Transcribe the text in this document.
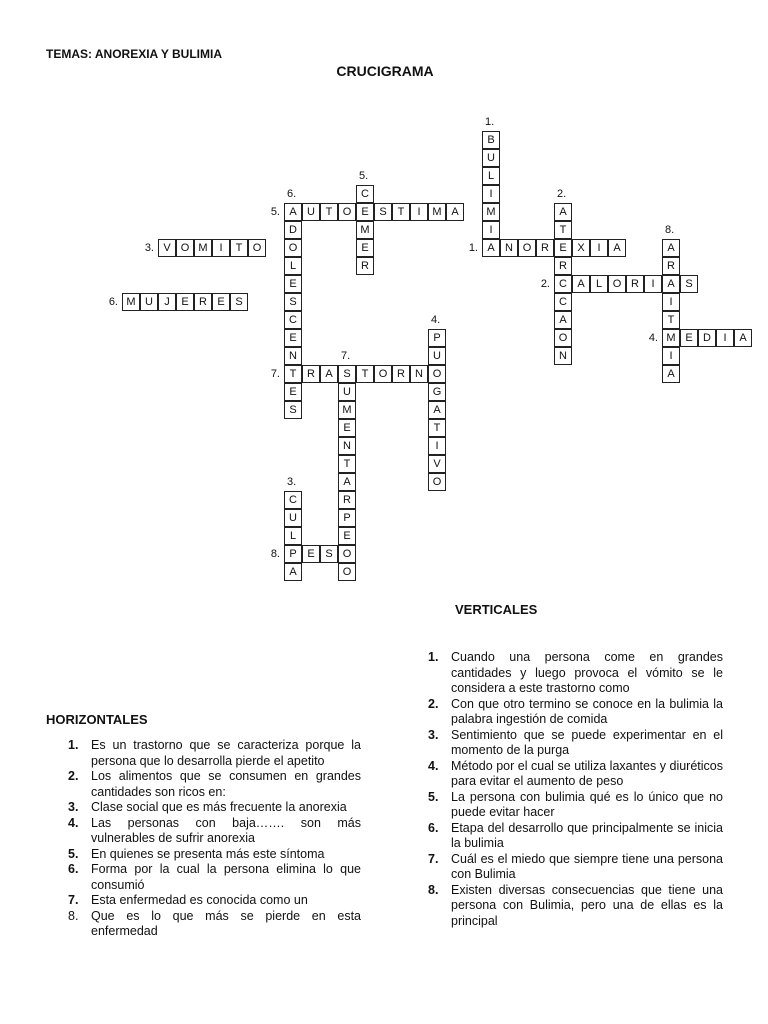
TEMAS: ANOREXIA Y BULIMIA
CRUCIGRAMA
A N O R E X	I	A
1.
C A	L O R	I	A S
2.
V O M	I	T O
3.
M E D	I	A
4.
A U T O E S T	I	M A
5.
M U	J	E R E S
6.
T R A S T O R N O
7.
P E S O
8.
B
U
L
I
M
I
1.
A
T
R
C
A
O
N
2.
C
U
L
A
3.
P
U
G
A
T
I
V
O
4.
C
M
E
R
5.
D
O
L
E
S
C
E
N
E
S
6.
U
M
E
N
T
A
R
P
E
O
7.
A
R
I
T
I
A
8.
VERTICALES
1. Cuando una persona come en grandes cantidades y luego provoca el vómito se le considera a este trastorno como
2. Con que otro termino se conoce en la bulimia la palabra ingestión de comida
3. Sentimiento que se puede experimentar en el momento de la purga
4. Método por el cual se utiliza laxantes y diuréticos para evitar el aumento de peso
5. La persona con bulimia qué es lo único que no puede evitar hacer
6. Etapa del desarrollo que principalmente se inicia la bulimia
7. Cuál es el miedo que siempre tiene una persona con Bulimia
8. Existen diversas consecuencias que tiene una persona con Bulimia, pero una de ellas es la principal
HORIZONTALES
1. Es un trastorno que se caracteriza porque la persona que lo desarrolla pierde el apetito
2. Los alimentos que se consumen en grandes cantidades son ricos en:
3. Clase social que es más frecuente la anorexia
4. Las personas con baja……. son más vulnerables de sufrir anorexia
5. En quienes se presenta más este síntoma
6. Forma por la cual la persona elimina lo que consumió
7. Esta enfermedad es conocida como un
8. Que es lo que más se pierde en esta enfermedad
